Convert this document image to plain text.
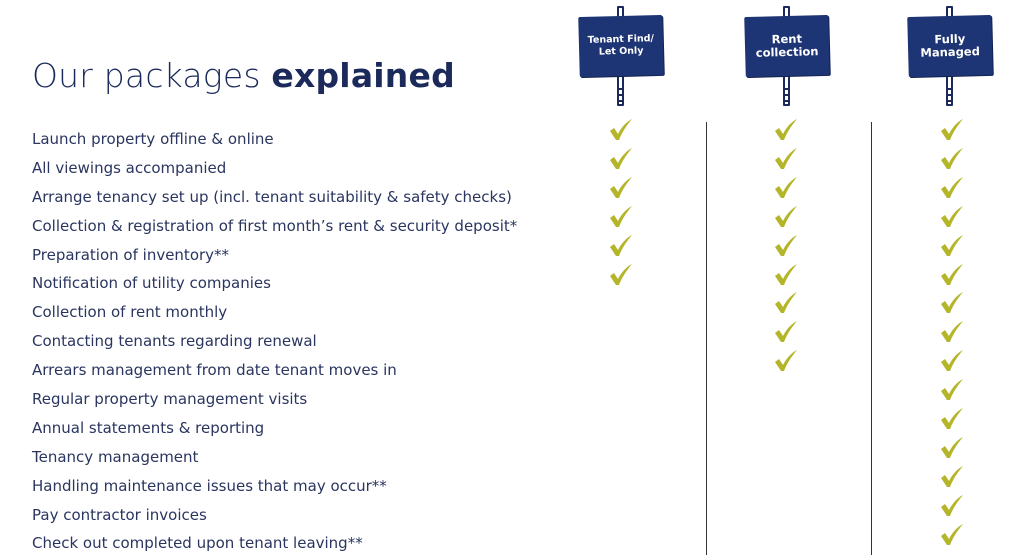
Our packages explained
Launch property offline & online
All viewings accompanied
Arrange tenancy set up (incl. tenant suitability & safety checks)
Collection & registration of first month’s rent & security deposit*
Preparation of inventory**
Notification of utility companies
Collection of rent monthly
Contacting tenants regarding renewal
Arrears management from date tenant moves in
Regular property management visits
Annual statements & reporting
Tenancy management
Handling maintenance issues that may occur**
Pay contractor invoices
Check out completed upon tenant leaving**
Tenant Find/
Let Only
Rent
collection
Fully
Managed
